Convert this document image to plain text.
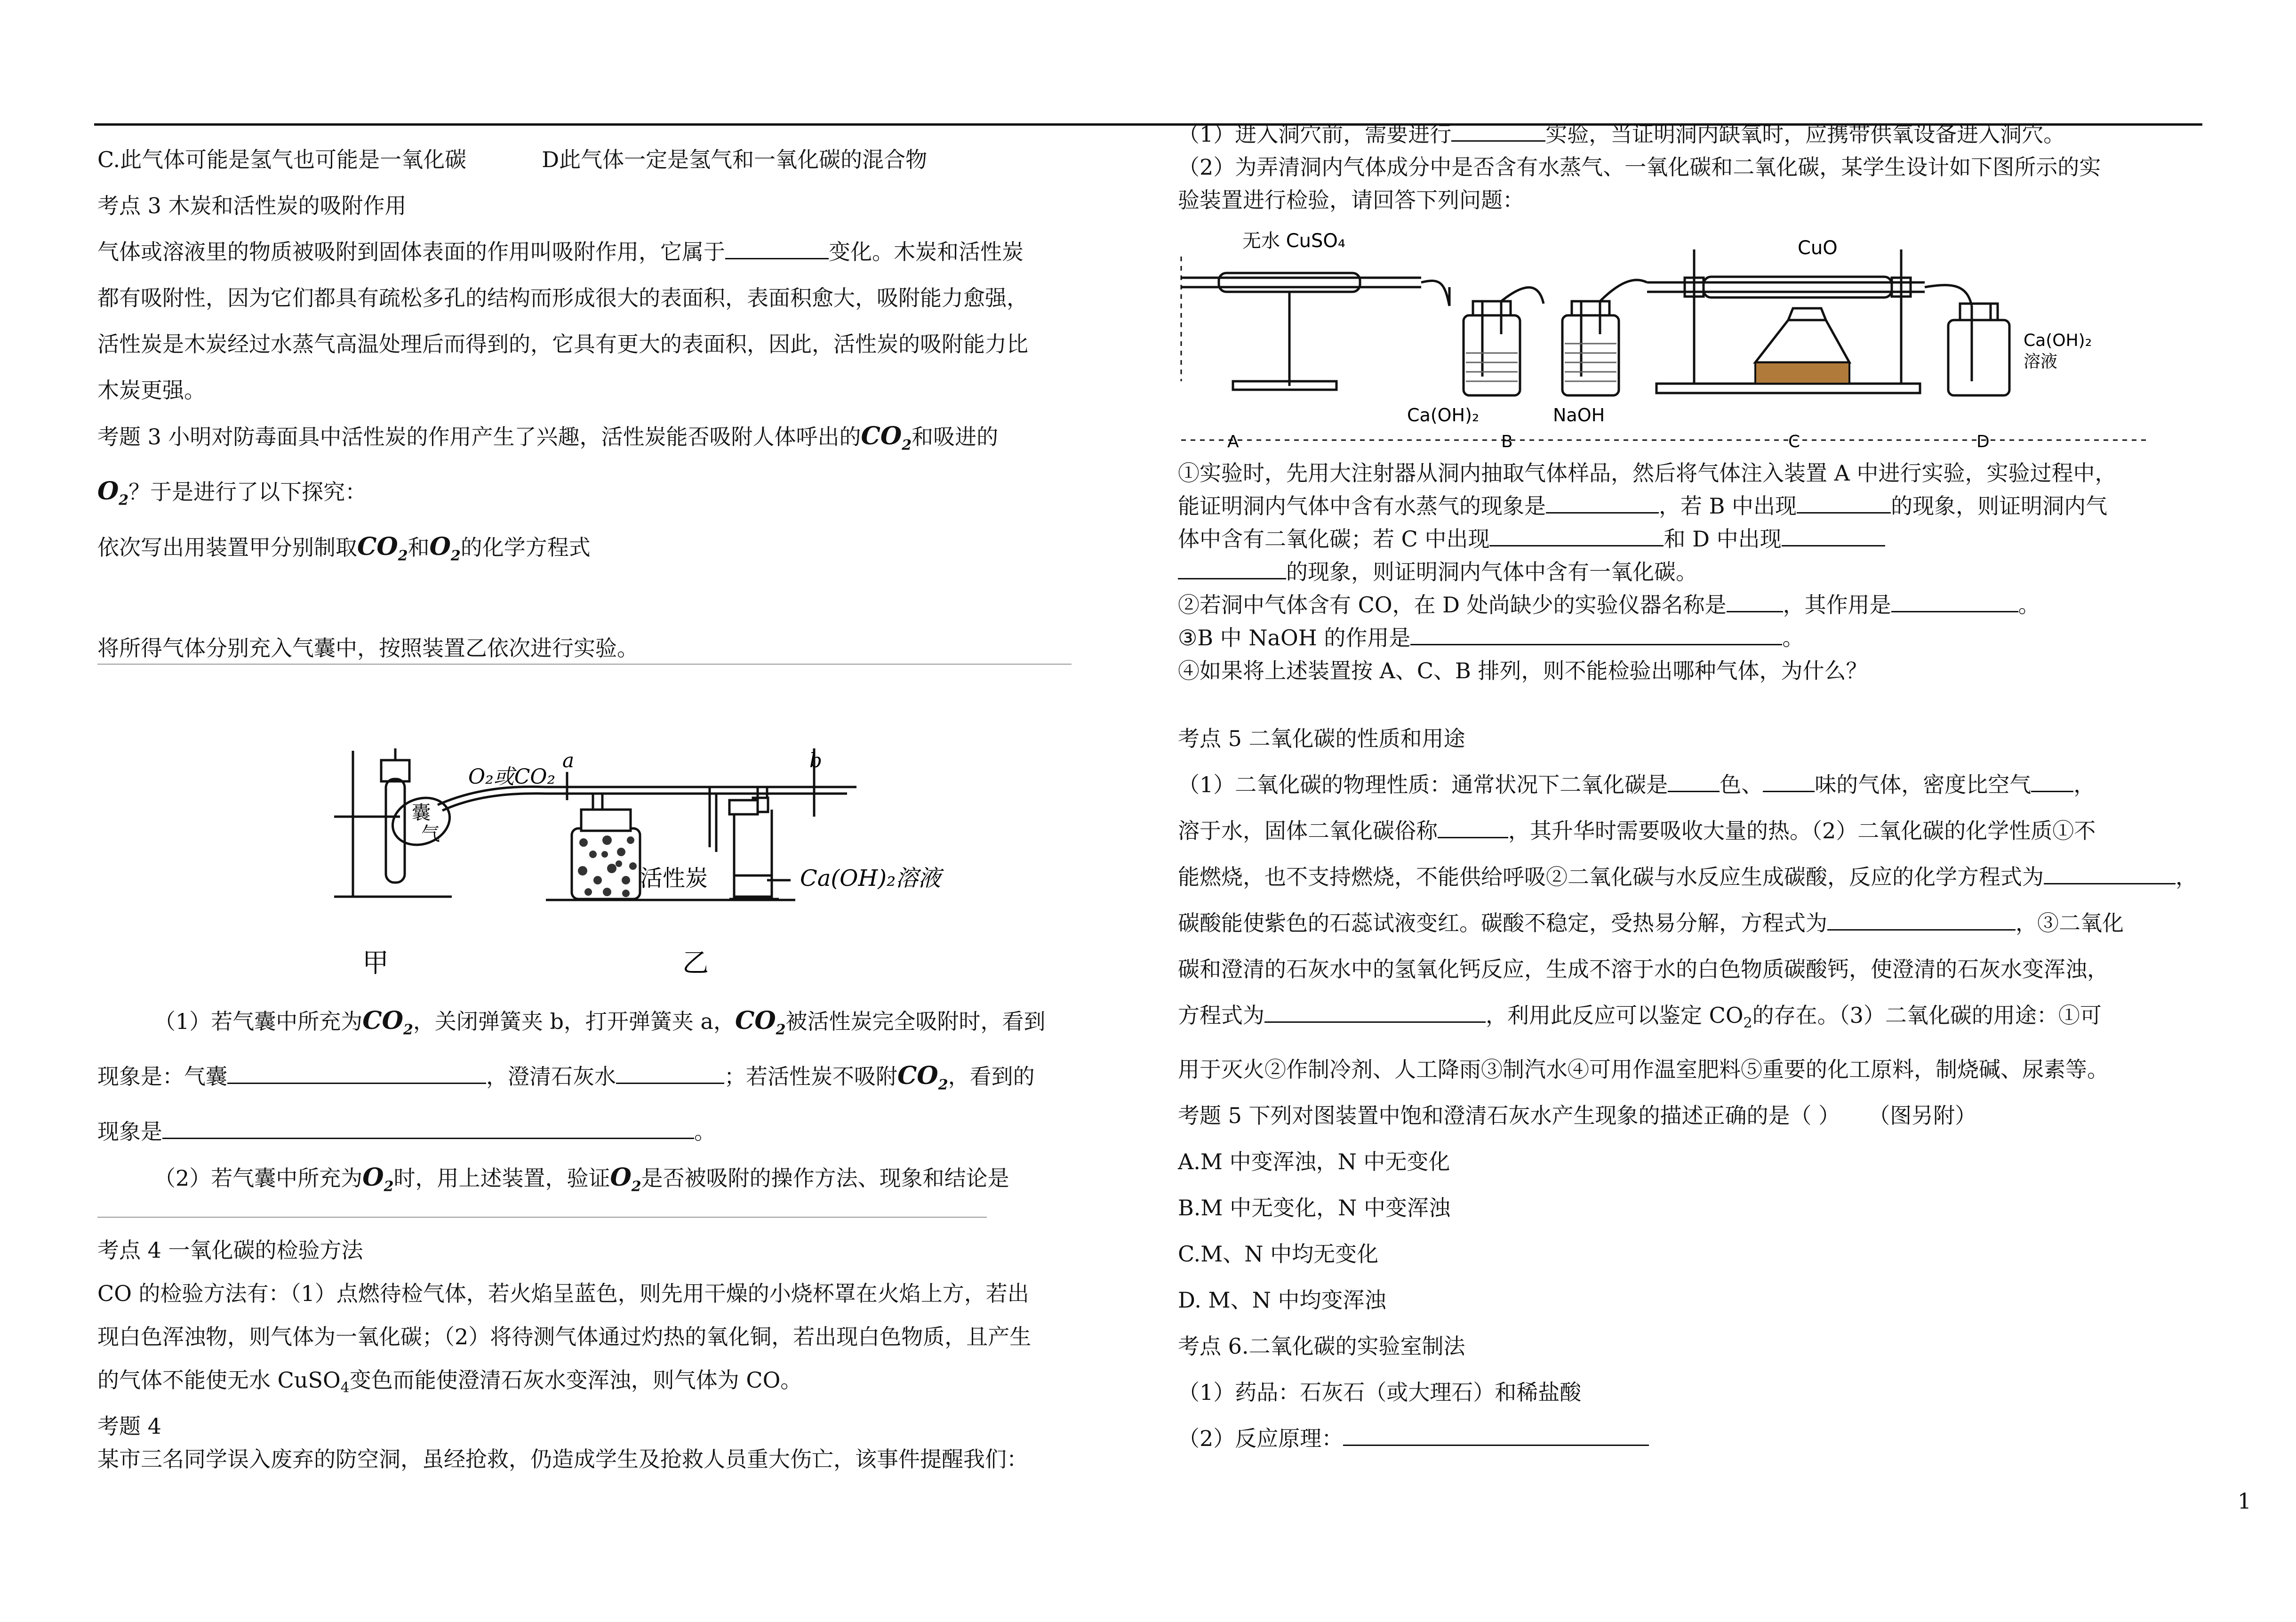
C.此气体可能是氢气也可能是一氧化碳	D此气体一定是氢气和一氧化碳的混合物
考点 3 木炭和活性炭的吸附作用
气体或溶液里的物质被吸附到固体表面的作用叫吸附作用，它属于	变化。木炭和活性炭
都有吸附性，因为它们都具有疏松多孔的结构而形成很大的表面积，表面积愈大，吸附能力愈强，
活性炭是木炭经过水蒸气高温处理后而得到的，它具有更大的表面积，因此，活性炭的吸附能力比
木炭更强。
考题 3 小明对防毒面具中活性炭的作用产生了兴趣，活性炭能否吸附人体呼出的$CO_2$和吸进的
$O_2$？于是进行了以下探究：
依次写出用装置甲分别制取$CO_2$和$O_2$的化学方程式
将所得气体分别充入气囊中，按照装置乙依次进行实验。
甲	乙
O₂或CO₂
囊
气
活性炭	Ca(OH)₂溶液
a	b
（1）若气囊中所充为$CO_2$，关闭弹簧夹 b，打开弹簧夹 a，$CO_2$被活性炭完全吸附时，看到
现象是：气囊	，澄清石灰水	；若活性炭不吸附$CO_2$，看到的
现象是	。
（2）若气囊中所充为$O_2$时，用上述装置，验证$O_2$是否被吸附的操作方法、现象和结论是
考点 4 一氧化碳的检验方法
CO 的检验方法有：（1）点燃待检气体，若火焰呈蓝色，则先用干燥的小烧杯罩在火焰上方，若出
现白色浑浊物，则气体为一氧化碳；（2）将待测气体通过灼热的氧化铜，若出现白色物质，且产生
的气体不能使无水 CuSO$_4$变色而能使澄清石灰水变浑浊，则气体为 CO。
考题 4
某市三名同学误入废弃的防空洞，虽经抢救，仍造成学生及抢救人员重大伤亡，该事件提醒我们：
（1）进入洞穴前，需要进行	实验，当证明洞内缺氧时，应携带供氧设备进入洞穴。
（2）为弄清洞内气体成分中是否含有水蒸气、一氧化碳和二氧化碳，某学生设计如下图所示的实
验装置进行检验，请回答下列问题：
无水 CuSO₄	CuO
Ca(OH)₂	NaOH
Ca(OH)₂
溶液
A	B	C	D
①实验时，先用大注射器从洞内抽取气体样品，然后将气体注入装置 A 中进行实验，实验过程中，
能证明洞内气体中含有水蒸气的现象是	，若 B 中出现	的现象，则证明洞内气
体中含有二氧化碳；若 C 中出现	和 D 中出现
的现象，则证明洞内气体中含有一氧化碳。
②若洞中气体含有 CO，在 D 处尚缺少的实验仪器名称是	，其作用是	。
③B 中 NaOH 的作用是	。
④如果将上述装置按 A、C、B 排列，则不能检验出哪种气体，为什么？
考点 5 二氧化碳的性质和用途
（1）二氧化碳的物理性质：通常状况下二氧化碳是 色、 味的气体，密度比空气 ，
溶于水，固体二氧化碳俗称	，其升华时需要吸收大量的热。（2）二氧化碳的化学性质①不
能燃烧，也不支持燃烧，不能供给呼吸②二氧化碳与水反应生成碳酸，反应的化学方程式为	，
碳酸能使紫色的石蕊试液变红。碳酸不稳定，受热易分解，方程式为	，③二氧化
碳和澄清的石灰水中的氢氧化钙反应，生成不溶于水的白色物质碳酸钙，使澄清的石灰水变浑浊，
方程式为	，利用此反应可以鉴定 $CO_2$的存在。（3）二氧化碳的用途：①可
用于灭火②作制冷剂、人工降雨③制汽水④可用作温室肥料⑤重要的化工原料，制烧碱、尿素等。
考题 5 下列对图装置中饱和澄清石灰水产生现象的描述正确的是（ ） （图另附）
A.M 中变浑浊，N 中无变化
B.M 中无变化，N 中变浑浊
C.M、N 中均无变化
D. M、N 中均变浑浊
考点 6.二氧化碳的实验室制法
（1）药品：石灰石（或大理石）和稀盐酸
（2）反应原理：
1
